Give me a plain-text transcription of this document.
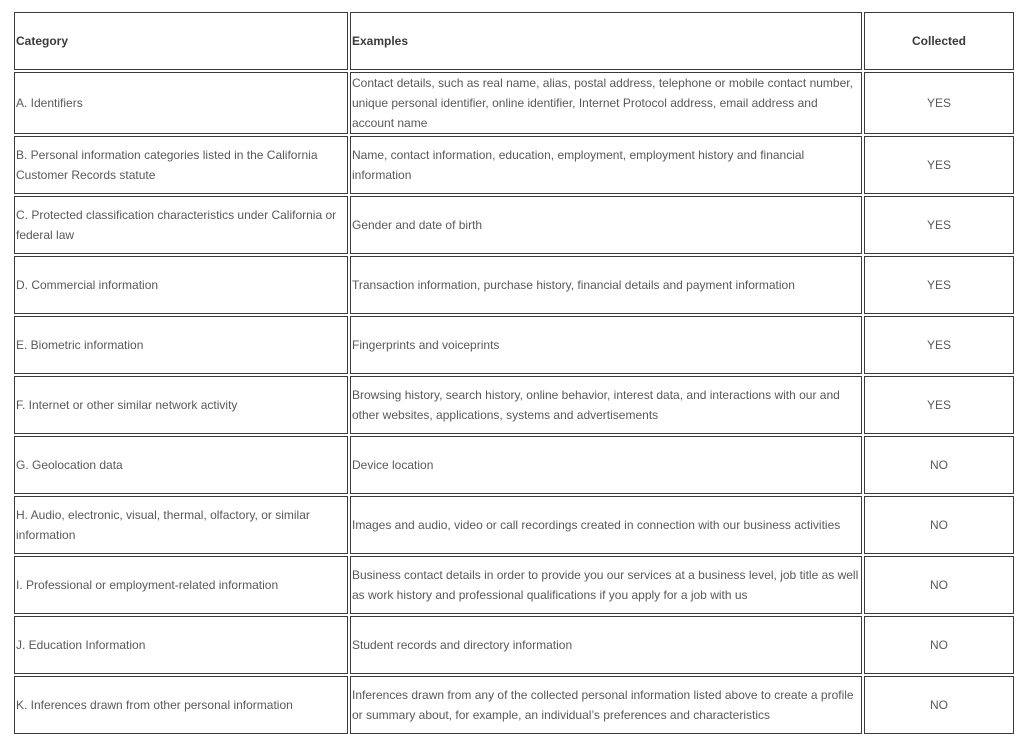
Category	Examples	Collected
A. Identifiers	Contact details, such as real name, alias, postal address, telephone or mobile contact number, unique personal identifier, online identifier, Internet Protocol address, email address and account name	YES
B. Personal information categories listed in the California Customer Records statute	Name, contact information, education, employment, employment history and financial information	YES
C. Protected classification characteristics under California or federal law	Gender and date of birth	YES
D. Commercial information	Transaction information, purchase history, financial details and payment information	YES
E. Biometric information	Fingerprints and voiceprints	YES
F. Internet or other similar network activity	Browsing history, search history, online behavior, interest data, and interactions with our and other websites, applications, systems and advertisements	YES
G. Geolocation data	Device location	NO
H. Audio, electronic, visual, thermal, olfactory, or similar information	Images and audio, video or call recordings created in connection with our business activities	NO
I. Professional or employment-related information	Business contact details in order to provide you our services at a business level, job title as well as work history and professional qualifications if you apply for a job with us	NO
J. Education Information	Student records and directory information	NO
K. Inferences drawn from other personal information	Inferences drawn from any of the collected personal information listed above to create a profile or summary about, for example, an individual’s preferences and characteristics	NO
